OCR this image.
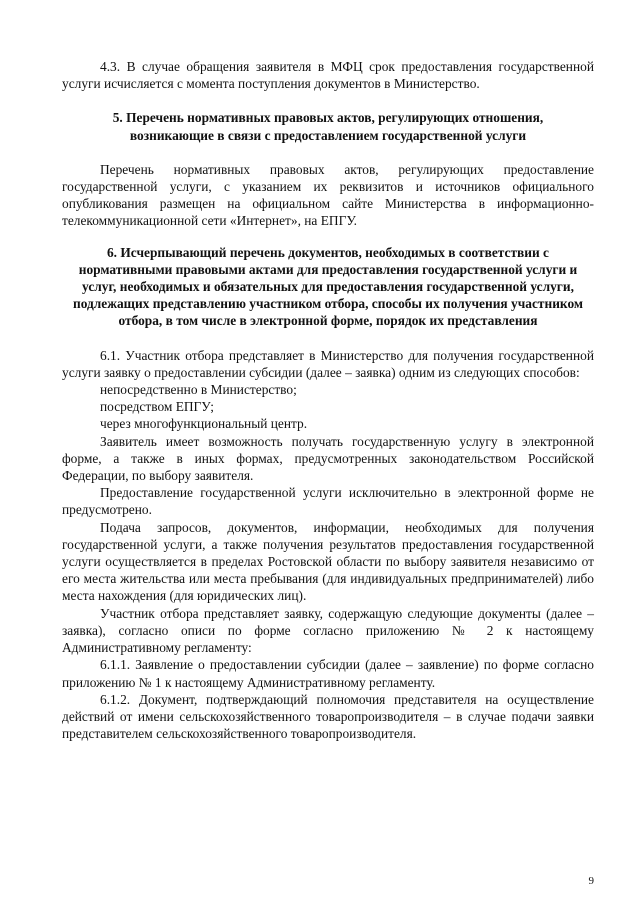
4.3. В случае обращения заявителя в МФЦ срок предоставления государственной услуги исчисляется с момента поступления документов в Министерство.

5. Перечень нормативных правовых актов, регулирующих отношения, возникающие в связи с предоставлением государственной услуги

Перечень нормативных правовых актов, регулирующих предоставление государственной услуги, с указанием их реквизитов и источников официального опубликования размещен на официальном сайте Министерства в информационно-телекоммуникационной сети «Интернет», на ЕПГУ.

6. Исчерпывающий перечень документов, необходимых в соответствии с нормативными правовыми актами для предоставления государственной услуги и услуг, необходимых и обязательных для предоставления государственной услуги, подлежащих представлению участником отбора, способы их получения участником отбора, в том числе в электронной форме, порядок их представления

6.1. Участник отбора представляет в Министерство для получения государственной услуги заявку о предоставлении субсидии (далее – заявка) одним из следующих способов:

непосредственно в Министерство;

посредством ЕПГУ;

через многофункциональный центр.

Заявитель имеет возможность получать государственную услугу в электронной форме, а также в иных формах, предусмотренных законодательством Российской Федерации, по выбору заявителя.

Предоставление государственной услуги исключительно в электронной форме не предусмотрено.

Подача запросов, документов, информации, необходимых для получения государственной услуги, а также получения результатов предоставления государственной услуги осуществляется в пределах Ростовской области по выбору заявителя независимо от его места жительства или места пребывания (для индивидуальных предпринимателей) либо места нахождения (для юридических лиц).

Участник отбора представляет заявку, содержащую следующие документы (далее – заявка), согласно описи по форме согласно приложению № 2 к настоящему Административному регламенту:

6.1.1. Заявление о предоставлении субсидии (далее – заявление) по форме согласно приложению № 1 к настоящему Административному регламенту.

6.1.2. Документ, подтверждающий полномочия представителя на осуществление действий от имени сельскохозяйственного товаропроизводителя – в случае подачи заявки представителем сельскохозяйственного товаропроизводителя.

9
